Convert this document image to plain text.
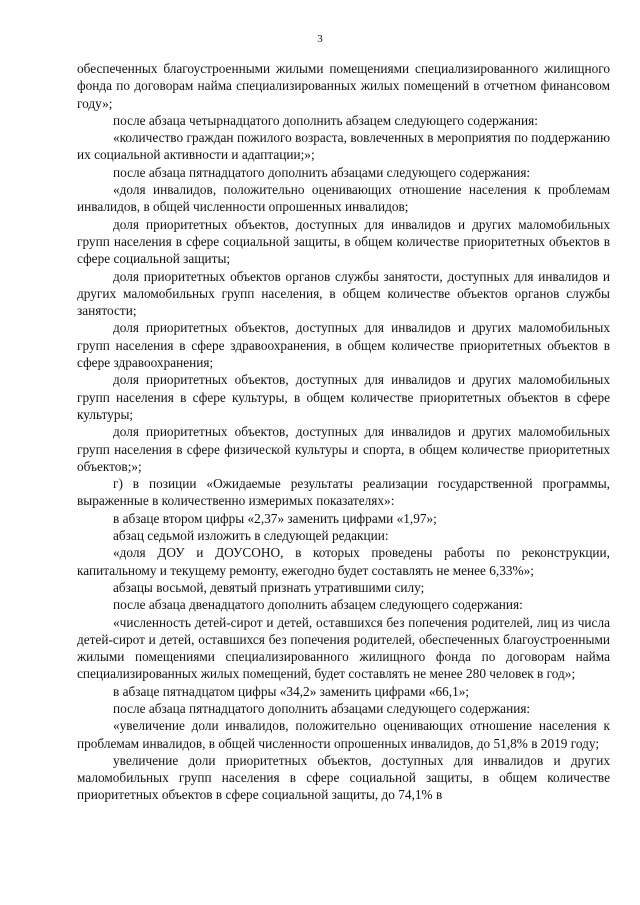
3

обеспеченных благоустроенными жилыми помещениями специализированного жилищного фонда по договорам найма специализированных жилых помещений в отчетном финансовом году»;

после абзаца четырнадцатого дополнить абзацем следующего содержания:

«количество граждан пожилого возраста, вовлеченных в мероприятия по поддержанию их социальной активности и адаптации;»;

после абзаца пятнадцатого дополнить абзацами следующего содержания:

«доля инвалидов, положительно оценивающих отношение населения к проблемам инвалидов, в общей численности опрошенных инвалидов;

доля приоритетных объектов, доступных для инвалидов и других маломобильных групп населения в сфере социальной защиты, в общем количестве приоритетных объектов в сфере социальной защиты;

доля приоритетных объектов органов службы занятости, доступных для инвалидов и других маломобильных групп населения, в общем количестве объектов органов службы занятости;

доля приоритетных объектов, доступных для инвалидов и других маломобильных групп населения в сфере здравоохранения, в общем количестве приоритетных объектов в сфере здравоохранения;

доля приоритетных объектов, доступных для инвалидов и других маломобильных групп населения в сфере культуры, в общем количестве приоритетных объектов в сфере культуры;

доля приоритетных объектов, доступных для инвалидов и других маломобильных групп населения в сфере физической культуры и спорта, в общем количестве приоритетных объектов;»;

г) в позиции «Ожидаемые результаты реализации государственной программы, выраженные в количественно измеримых показателях»:

в абзаце втором цифры «2,37» заменить цифрами «1,97»;

абзац седьмой изложить в следующей редакции:

«доля ДОУ и ДОУСОНО, в которых проведены работы по реконструкции, капитальному и текущему ремонту, ежегодно будет составлять не менее 6,33%»;

абзацы восьмой, девятый признать утратившими силу;

после абзаца двенадцатого дополнить абзацем следующего содержания:

«численность детей-сирот и детей, оставшихся без попечения родителей, лиц из числа детей-сирот и детей, оставшихся без попечения родителей, обеспеченных благоустроенными жилыми помещениями специализированного жилищного фонда по договорам найма специализированных жилых помещений, будет составлять не менее 280 человек в год»;

в абзаце пятнадцатом цифры «34,2» заменить цифрами «66,1»;

после абзаца пятнадцатого дополнить абзацами следующего содержания:

«увеличение доли инвалидов, положительно оценивающих отношение населения к проблемам инвалидов, в общей численности опрошенных инвалидов, до 51,8% в 2019 году;

увеличение доли приоритетных объектов, доступных для инвалидов и других маломобильных групп населения в сфере социальной защиты, в общем количестве приоритетных объектов в сфере социальной защиты, до 74,1% в
